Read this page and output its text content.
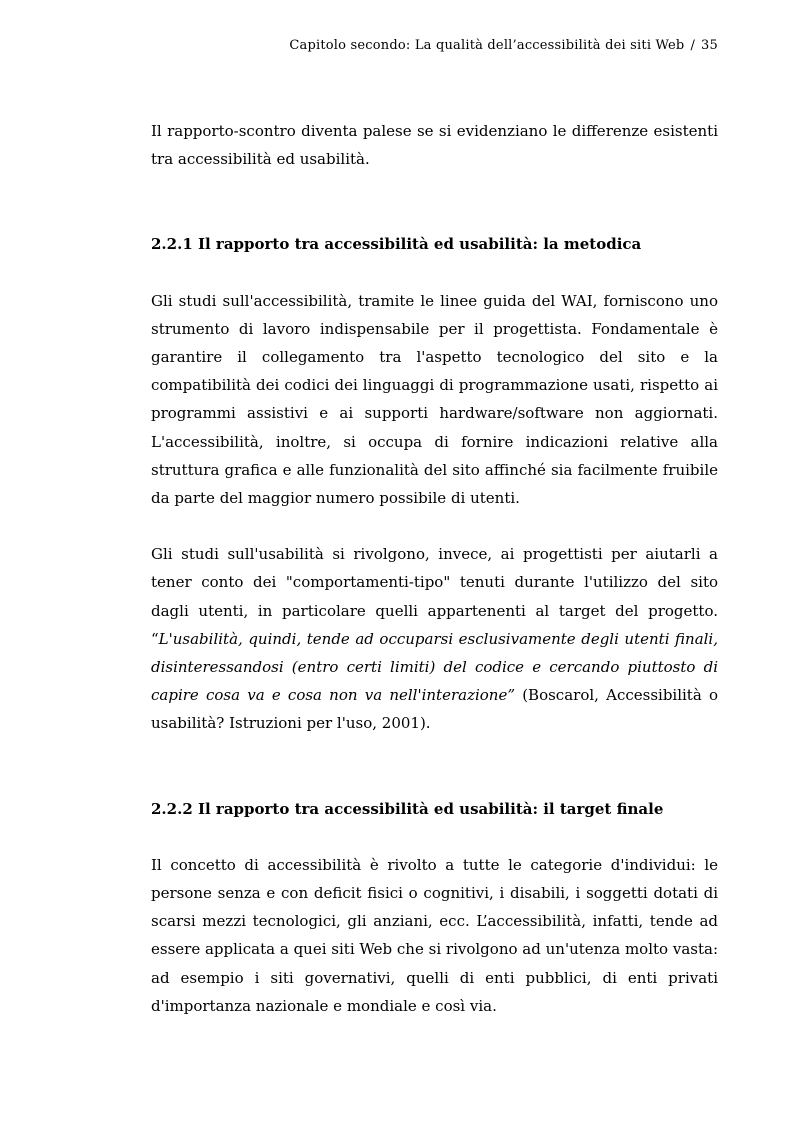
Capitolo secondo: La qualità dell’accessibilità dei siti Web / 35

Il rapporto-scontro diventa palese se si evidenziano le differenze esistenti tra accessibilità ed usabilità.

2.2.1 Il rapporto tra accessibilità ed usabilità: la metodica

Gli studi sull'accessibilità, tramite le linee guida del WAI, forniscono uno strumento di lavoro indispensabile per il progettista. Fondamentale è garantire il collegamento tra l'aspetto tecnologico del sito e la compatibilità dei codici dei linguaggi di programmazione usati, rispetto ai programmi assistivi e ai supporti hardware/software non aggiornati. L'accessibilità, inoltre, si occupa di fornire indicazioni relative alla struttura grafica e alle funzionalità del sito affinché sia facilmente fruibile da parte del maggior numero possibile di utenti.

Gli studi sull'usabilità si rivolgono, invece, ai progettisti per aiutarli a tener conto dei "comportamenti-tipo" tenuti durante l'utilizzo del sito dagli utenti, in particolare quelli appartenenti al target del progetto. “L'usabilità, quindi, tende ad occuparsi esclusivamente degli utenti finali, disinteressandosi (entro certi limiti) del codice e cercando piuttosto di capire cosa va e cosa non va nell'interazione” (Boscarol, Accessibilità o usabilità? Istruzioni per l'uso, 2001).

2.2.2 Il rapporto tra accessibilità ed usabilità: il target finale

Il concetto di accessibilità è rivolto a tutte le categorie d'individui: le persone senza e con deficit fisici o cognitivi, i disabili, i soggetti dotati di scarsi mezzi tecnologici, gli anziani, ecc. L’accessibilità, infatti, tende ad essere applicata a quei siti Web che si rivolgono ad un'utenza molto vasta: ad esempio i siti governativi, quelli di enti pubblici, di enti privati d'importanza nazionale e mondiale e così via.
